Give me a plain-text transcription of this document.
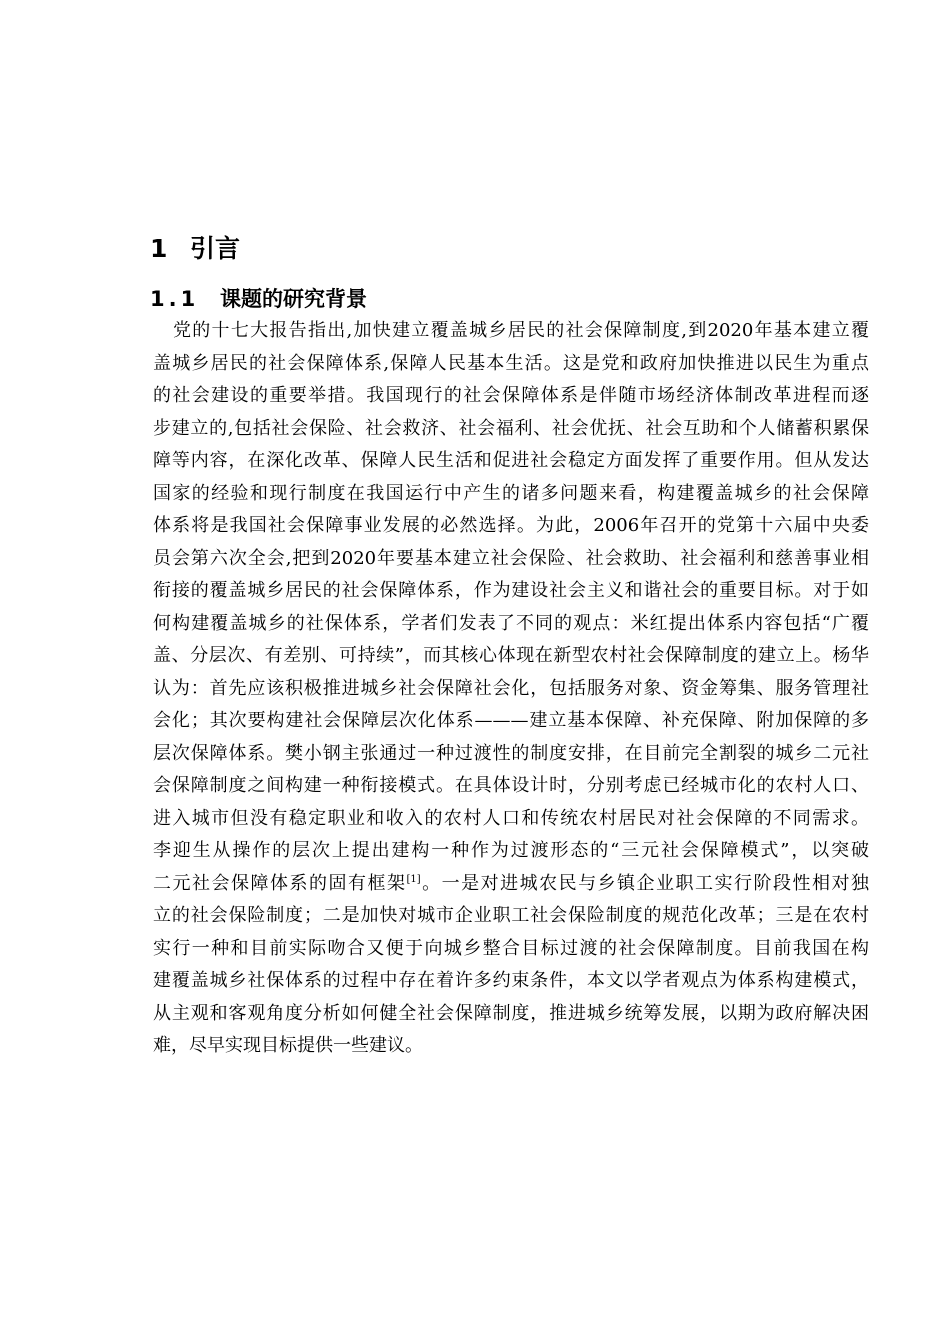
1 引言
1.1 课题的研究背景
党的十七大报告指出,加快建立覆盖城乡居民的社会保障制度,到2020年基本建立覆
盖城乡居民的社会保障体系,保障人民基本生活。这是党和政府加快推进以民生为重点
的社会建设的重要举措。我国现行的社会保障体系是伴随市场经济体制改革进程而逐
步建立的,包括社会保险、社会救济、社会福利、社会优抚、社会互助和个人储蓄积累保
障等内容，在深化改革、保障人民生活和促进社会稳定方面发挥了重要作用。但从发达
国家的经验和现行制度在我国运行中产生的诸多问题来看，构建覆盖城乡的社会保障
体系将是我国社会保障事业发展的必然选择。为此，2006年召开的党第十六届中央委
员会第六次全会,把到2020年要基本建立社会保险、社会救助、社会福利和慈善事业相
衔接的覆盖城乡居民的社会保障体系，作为建设社会主义和谐社会的重要目标。对于如
何构建覆盖城乡的社保体系，学者们发表了不同的观点：米红提出体系内容包括“广覆
盖、分层次、有差别、可持续”，而其核心体现在新型农村社会保障制度的建立上。杨华
认为：首先应该积极推进城乡社会保障社会化，包括服务对象、资金筹集、服务管理社
会化；其次要构建社会保障层次化体系———建立基本保障、补充保障、附加保障的多
层次保障体系。樊小钢主张通过一种过渡性的制度安排，在目前完全割裂的城乡二元社
会保障制度之间构建一种衔接模式。在具体设计时，分别考虑已经城市化的农村人口、
进入城市但没有稳定职业和收入的农村人口和传统农村居民对社会保障的不同需求。
李迎生从操作的层次上提出建构一种作为过渡形态的“三元社会保障模式”，以突破
二元社会保障体系的固有框架[1]。一是对进城农民与乡镇企业职工实行阶段性相对独
立的社会保险制度；二是加快对城市企业职工社会保险制度的规范化改革；三是在农村
实行一种和目前实际吻合又便于向城乡整合目标过渡的社会保障制度。目前我国在构
建覆盖城乡社保体系的过程中存在着许多约束条件，本文以学者观点为体系构建模式，
从主观和客观角度分析如何健全社会保障制度，推进城乡统筹发展，以期为政府解决困
难，尽早实现目标提供一些建议。
